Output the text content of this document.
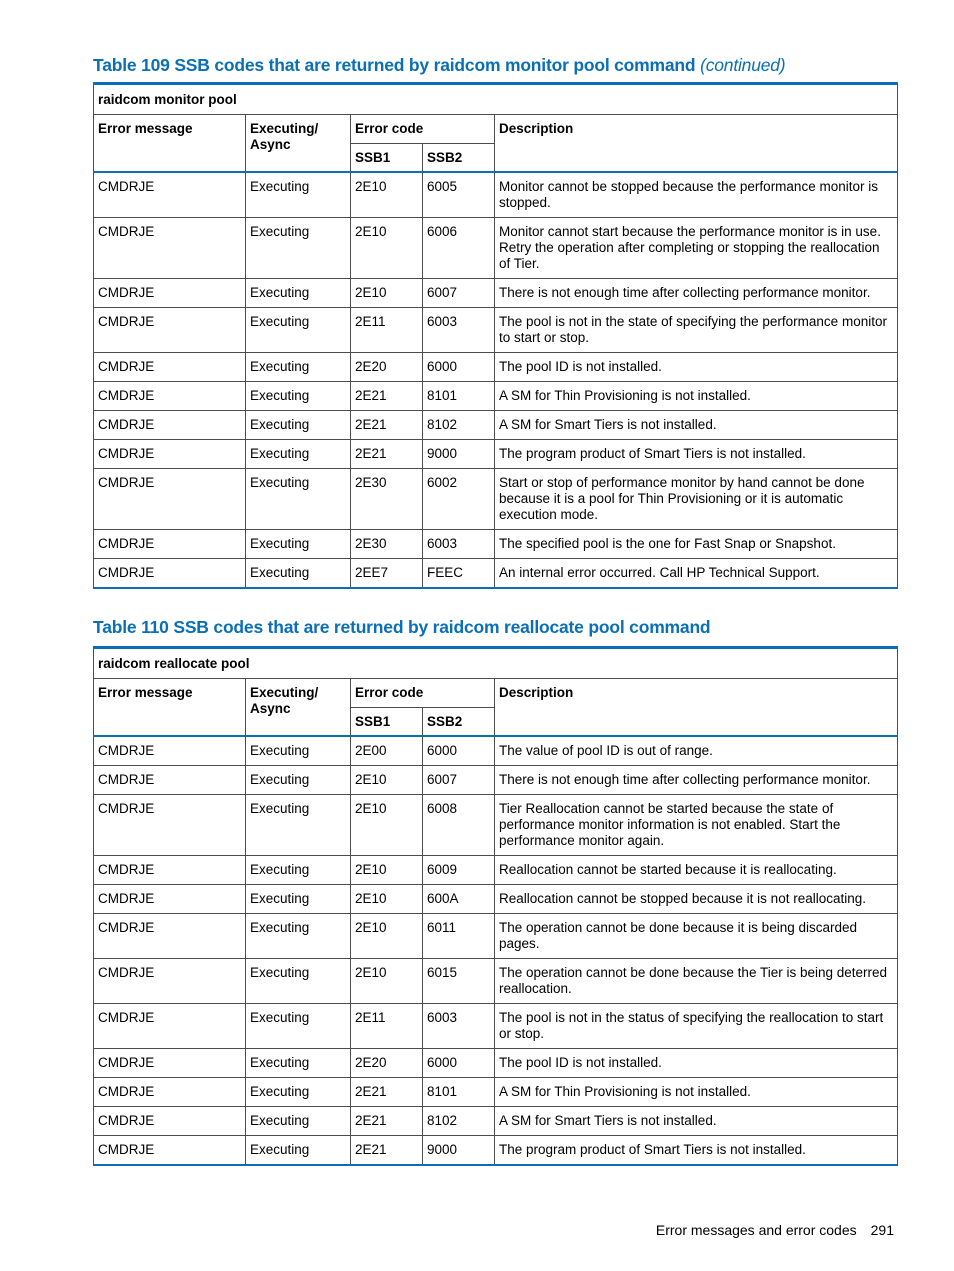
Table 109 SSB codes that are returned by raidcom monitor pool command (continued)
raidcom monitor pool				
Error message	Executing/ Async	Error code		Description
		SSB1	SSB2	
CMDRJE	Executing	2E10	6005	Monitor cannot be stopped because the performance monitor is stopped.
CMDRJE	Executing	2E10	6006	Monitor cannot start because the performance monitor is in use. Retry the operation after completing or stopping the reallocation of Tier.
CMDRJE	Executing	2E10	6007	There is not enough time after collecting performance monitor.
CMDRJE	Executing	2E11	6003	The pool is not in the state of specifying the performance monitor to start or stop.
CMDRJE	Executing	2E20	6000	The pool ID is not installed.
CMDRJE	Executing	2E21	8101	A SM for Thin Provisioning is not installed.
CMDRJE	Executing	2E21	8102	A SM for Smart Tiers is not installed.
CMDRJE	Executing	2E21	9000	The program product of Smart Tiers is not installed.
CMDRJE	Executing	2E30	6002	Start or stop of performance monitor by hand cannot be done because it is a pool for Thin Provisioning or it is automatic execution mode.
CMDRJE	Executing	2E30	6003	The specified pool is the one for Fast Snap or Snapshot.
CMDRJE	Executing	2EE7	FEEC	An internal error occurred. Call HP Technical Support.
Table 110 SSB codes that are returned by raidcom reallocate pool command
raidcom reallocate pool				
Error message	Executing/ Async	Error code		Description
		SSB1	SSB2	
CMDRJE	Executing	2E00	6000	The value of pool ID is out of range.
CMDRJE	Executing	2E10	6007	There is not enough time after collecting performance monitor.
CMDRJE	Executing	2E10	6008	Tier Reallocation cannot be started because the state of performance monitor information is not enabled. Start the performance monitor again.
CMDRJE	Executing	2E10	6009	Reallocation cannot be started because it is reallocating.
CMDRJE	Executing	2E10	600A	Reallocation cannot be stopped because it is not reallocating.
CMDRJE	Executing	2E10	6011	The operation cannot be done because it is being discarded pages.
CMDRJE	Executing	2E10	6015	The operation cannot be done because the Tier is being deterred reallocation.
CMDRJE	Executing	2E11	6003	The pool is not in the status of specifying the reallocation to start or stop.
CMDRJE	Executing	2E20	6000	The pool ID is not installed.
CMDRJE	Executing	2E21	8101	A SM for Thin Provisioning is not installed.
CMDRJE	Executing	2E21	8102	A SM for Smart Tiers is not installed.
CMDRJE	Executing	2E21	9000	The program product of Smart Tiers is not installed.
Error messages and error codes 291
